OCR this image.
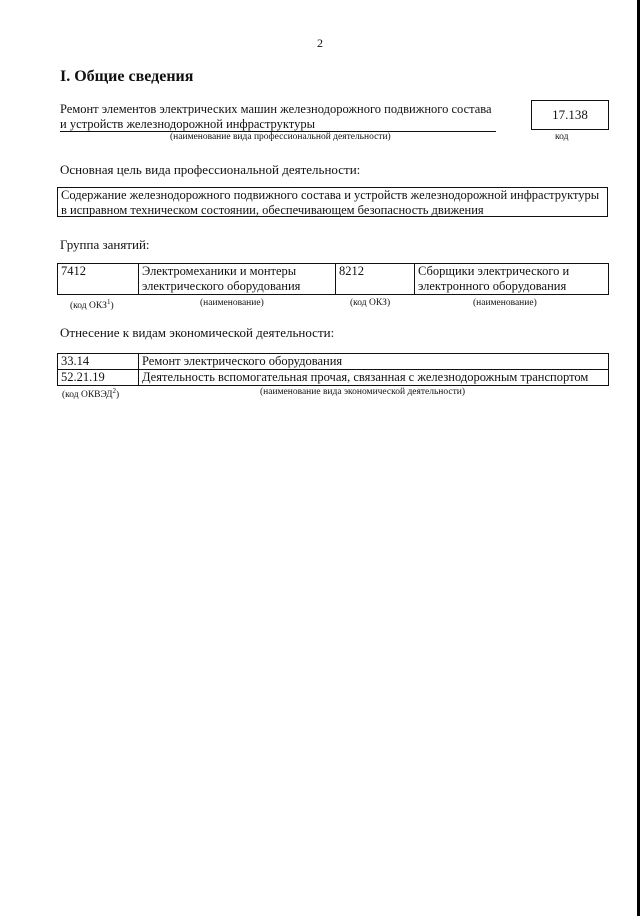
2
I. Общие сведения
Ремонт элементов электрических машин железнодорожного подвижного состава и устройств железнодорожной инфраструктуры
(наименование вида профессиональной деятельности)
17.138
код
Основная цель вида профессиональной деятельности:
Содержание железнодорожного подвижного состава и устройств железнодорожной инфраструктуры в исправном техническом состоянии, обеспечивающем безопасность движения
Группа занятий:
7412	Электромеханики и монтеры электрического оборудования	8212	Сборщики электрического и электронного оборудования
(код ОКЗ$^1$)	(наименование)	(код ОКЗ)	(наименование)
Отнесение к видам экономической деятельности:
33.14	Ремонт электрического оборудования
52.21.19	Деятельность вспомогательная прочая, связанная с железнодорожным транспортом
(код ОКВЭД$^2$)	(наименование вида экономической деятельности)
